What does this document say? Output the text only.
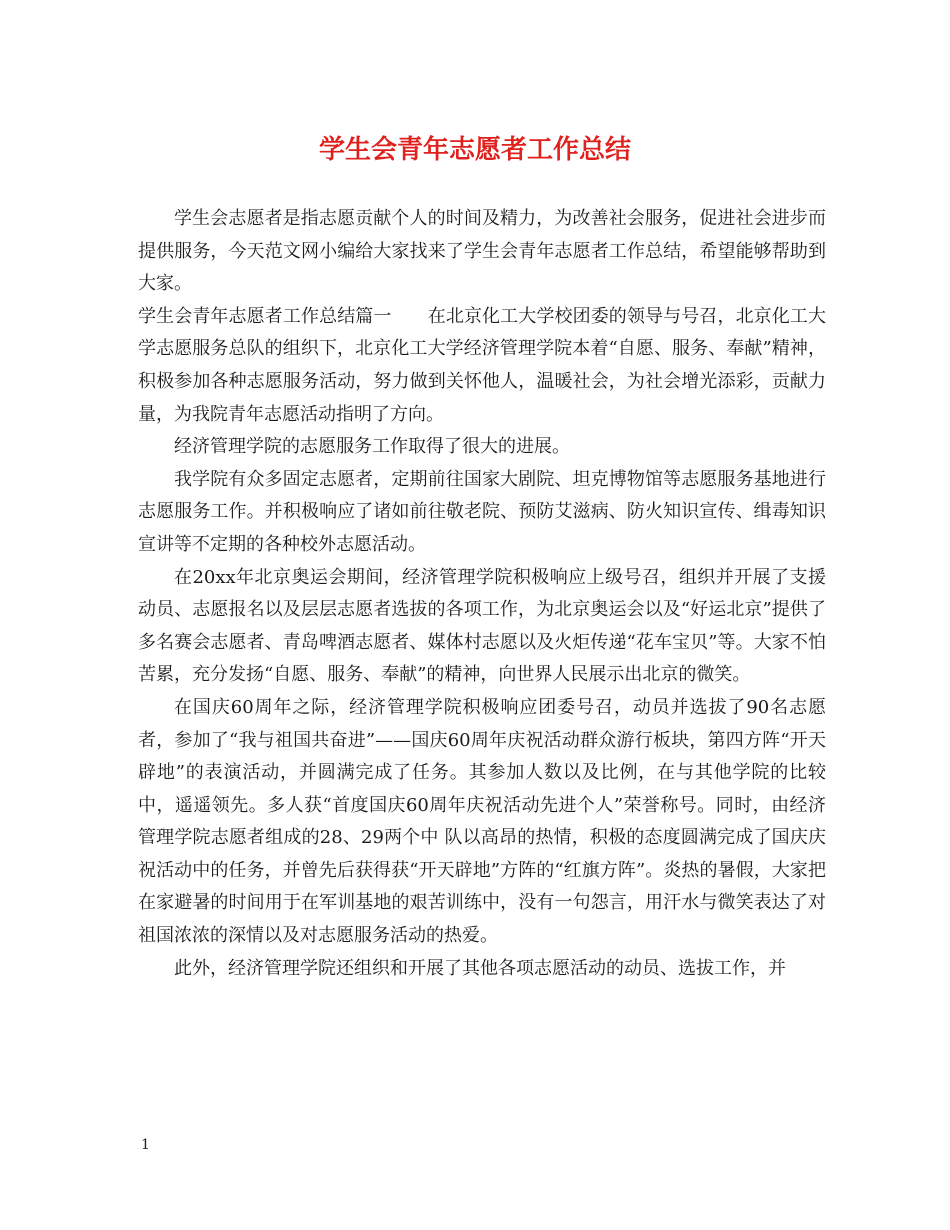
学生会青年志愿者工作总结

学生会志愿者是指志愿贡献个人的时间及精力，为改善社会服务，促进社会进步而提供服务，今天范文网小编给大家找来了学生会青年志愿者工作总结，希望能够帮助到大家。

学生会青年志愿者工作总结篇一　　在北京化工大学校团委的领导与号召，北京化工大学志愿服务总队的组织下，北京化工大学经济管理学院本着“自愿、服务、奉献”精神，积极参加各种志愿服务活动，努力做到关怀他人，温暖社会，为社会增光添彩，贡献力量，为我院青年志愿活动指明了方向。

经济管理学院的志愿服务工作取得了很大的进展。

我学院有众多固定志愿者，定期前往国家大剧院、坦克博物馆等志愿服务基地进行志愿服务工作。并积极响应了诸如前往敬老院、预防艾滋病、防火知识宣传、缉毒知识宣讲等不定期的各种校外志愿活动。

在20xx年北京奥运会期间，经济管理学院积极响应上级号召，组织并开展了支援动员、志愿报名以及层层志愿者选拔的各项工作，为北京奥运会以及“好运北京”提供了多名赛会志愿者、青岛啤酒志愿者、媒体村志愿以及火炬传递“花车宝贝”等。大家不怕苦累，充分发扬“自愿、服务、奉献”的精神，向世界人民展示出北京的微笑。

在国庆60周年之际，经济管理学院积极响应团委号召，动员并选拔了90名志愿者，参加了“我与祖国共奋进”——国庆60周年庆祝活动群众游行板块，第四方阵“开天辟地”的表演活动，并圆满完成了任务。其参加人数以及比例，在与其他学院的比较中，遥遥领先。多人获“首度国庆60周年庆祝活动先进个人”荣誉称号。同时，由经济管理学院志愿者组成的28、29两个中 队以高昂的热情，积极的态度圆满完成了国庆庆祝活动中的任务，并曾先后获得获“开天辟地”方阵的“红旗方阵”。炎热的暑假，大家把在家避暑的时间用于在军训基地的艰苦训练中，没有一句怨言，用汗水与微笑表达了对祖国浓浓的深情以及对志愿服务活动的热爱。

此外，经济管理学院还组织和开展了其他各项志愿活动的动员、选拔工作，并

1
